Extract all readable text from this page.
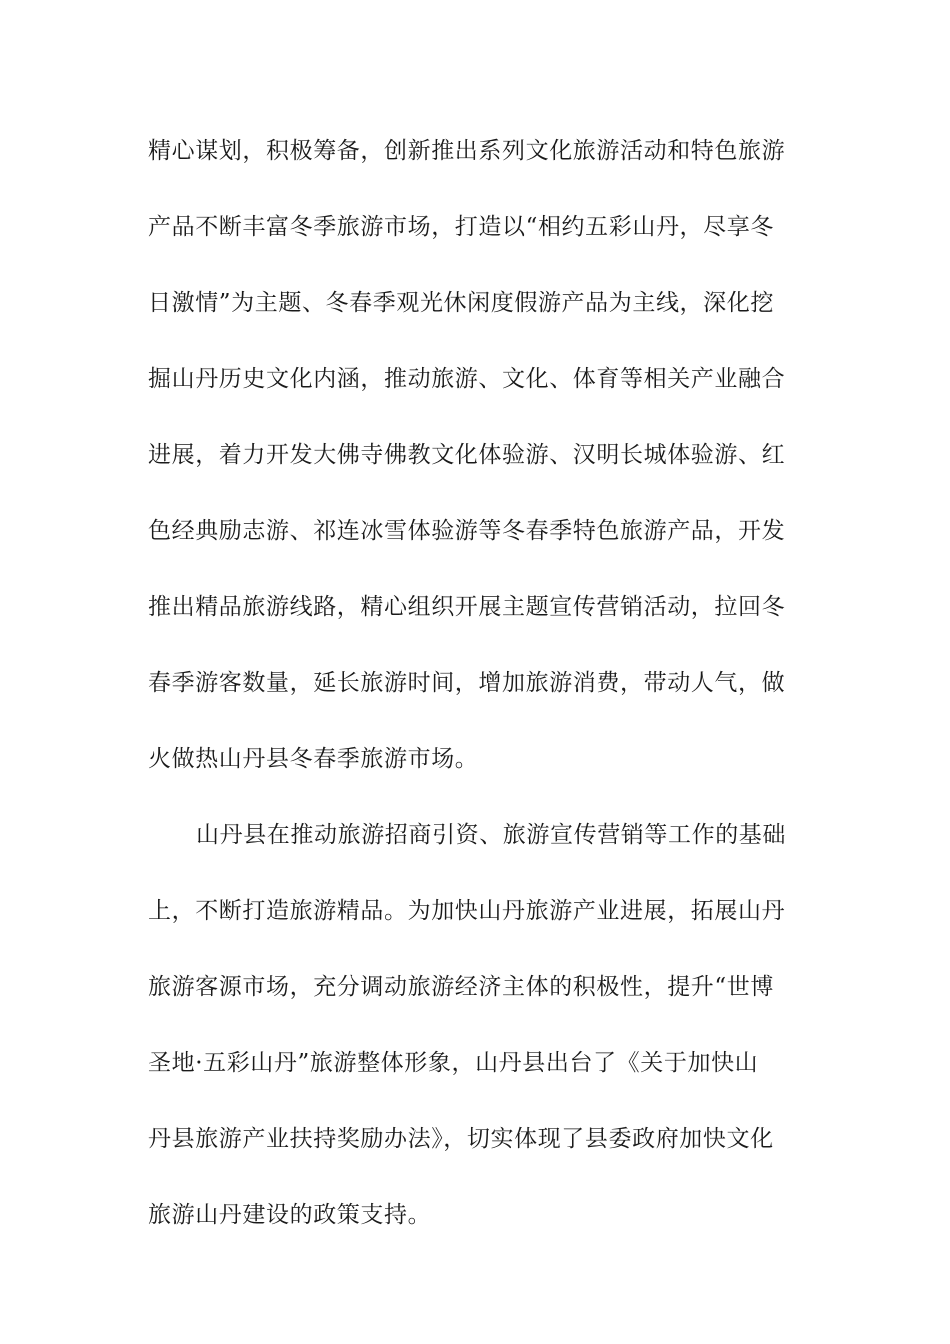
精心谋划，积极筹备，创新推出系列文化旅游活动和特色旅游
产品不断丰富冬季旅游市场，打造以“相约五彩山丹，尽享冬
日激情”为主题、冬春季观光休闲度假游产品为主线，深化挖
掘山丹历史文化内涵，推动旅游、文化、体育等相关产业融合
进展，着力开发大佛寺佛教文化体验游、汉明长城体验游、红
色经典励志游、祁连冰雪体验游等冬春季特色旅游产品，开发
推出精品旅游线路，精心组织开展主题宣传营销活动，拉回冬
春季游客数量，延长旅游时间，增加旅游消费，带动人气，做
火做热山丹县冬春季旅游市场。
山丹县在推动旅游招商引资、旅游宣传营销等工作的基础
上，不断打造旅游精品。为加快山丹旅游产业进展，拓展山丹
旅游客源市场，充分调动旅游经济主体的积极性，提升“世博
圣地·五彩山丹”旅游整体形象，山丹县出台了《关于加快山
丹县旅游产业扶持奖励办法》，切实体现了县委政府加快文化
旅游山丹建设的政策支持。
